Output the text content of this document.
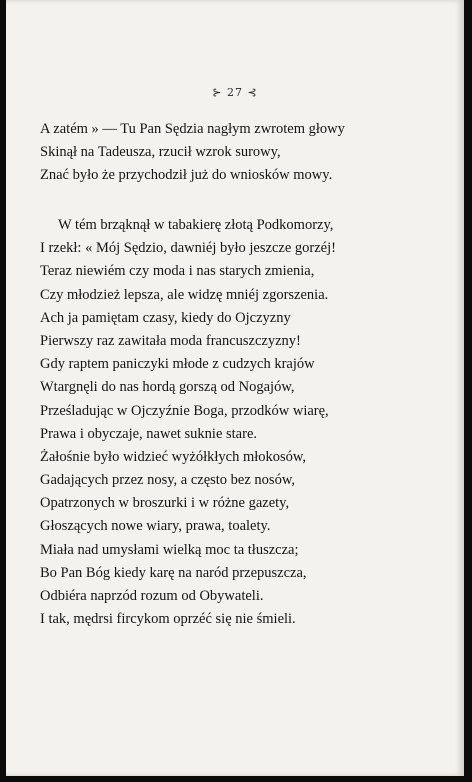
⊱ 27 ⊰
A zatém » — Tu Pan Sędzia nagłym zwrotem głowy
Skinął na Tadeusza, rzucił wzrok surowy,
Znać było że przychodził już do wniosków mowy.
W tém brząknął w tabakierę złotą Podkomorzy,
I rzekł: « Mój Sędzio, dawniéj było jeszcze gorzéj!
Teraz niewiém czy moda i nas starych zmienia,
Czy młodzież lepsza, ale widzę mniéj zgorszenia.
Ach ja pamiętam czasy, kiedy do Ojczyzny
Pierwszy raz zawitała moda francuszczyzny!
Gdy raptem paniczyki młode z cudzych krajów
Wtargnęli do nas hordą gorszą od Nogajów,
Prześladując w Ojczyźnie Boga, przodków wiarę,
Prawa i obyczaje, nawet suknie stare.
Żałośnie było widzieć wyżółkłych młokosów,
Gadających przez nosy, a często bez nosów,
Opatrzonych w broszurki i w różne gazety,
Głoszących nowe wiary, prawa, toalety.
Miała nad umysłami wielką moc ta tłuszcza;
Bo Pan Bóg kiedy karę na naród przepuszcza,
Odbiéra naprzód rozum od Obywateli.
I tak, mędrsi fircykom oprzéć się nie śmieli.
